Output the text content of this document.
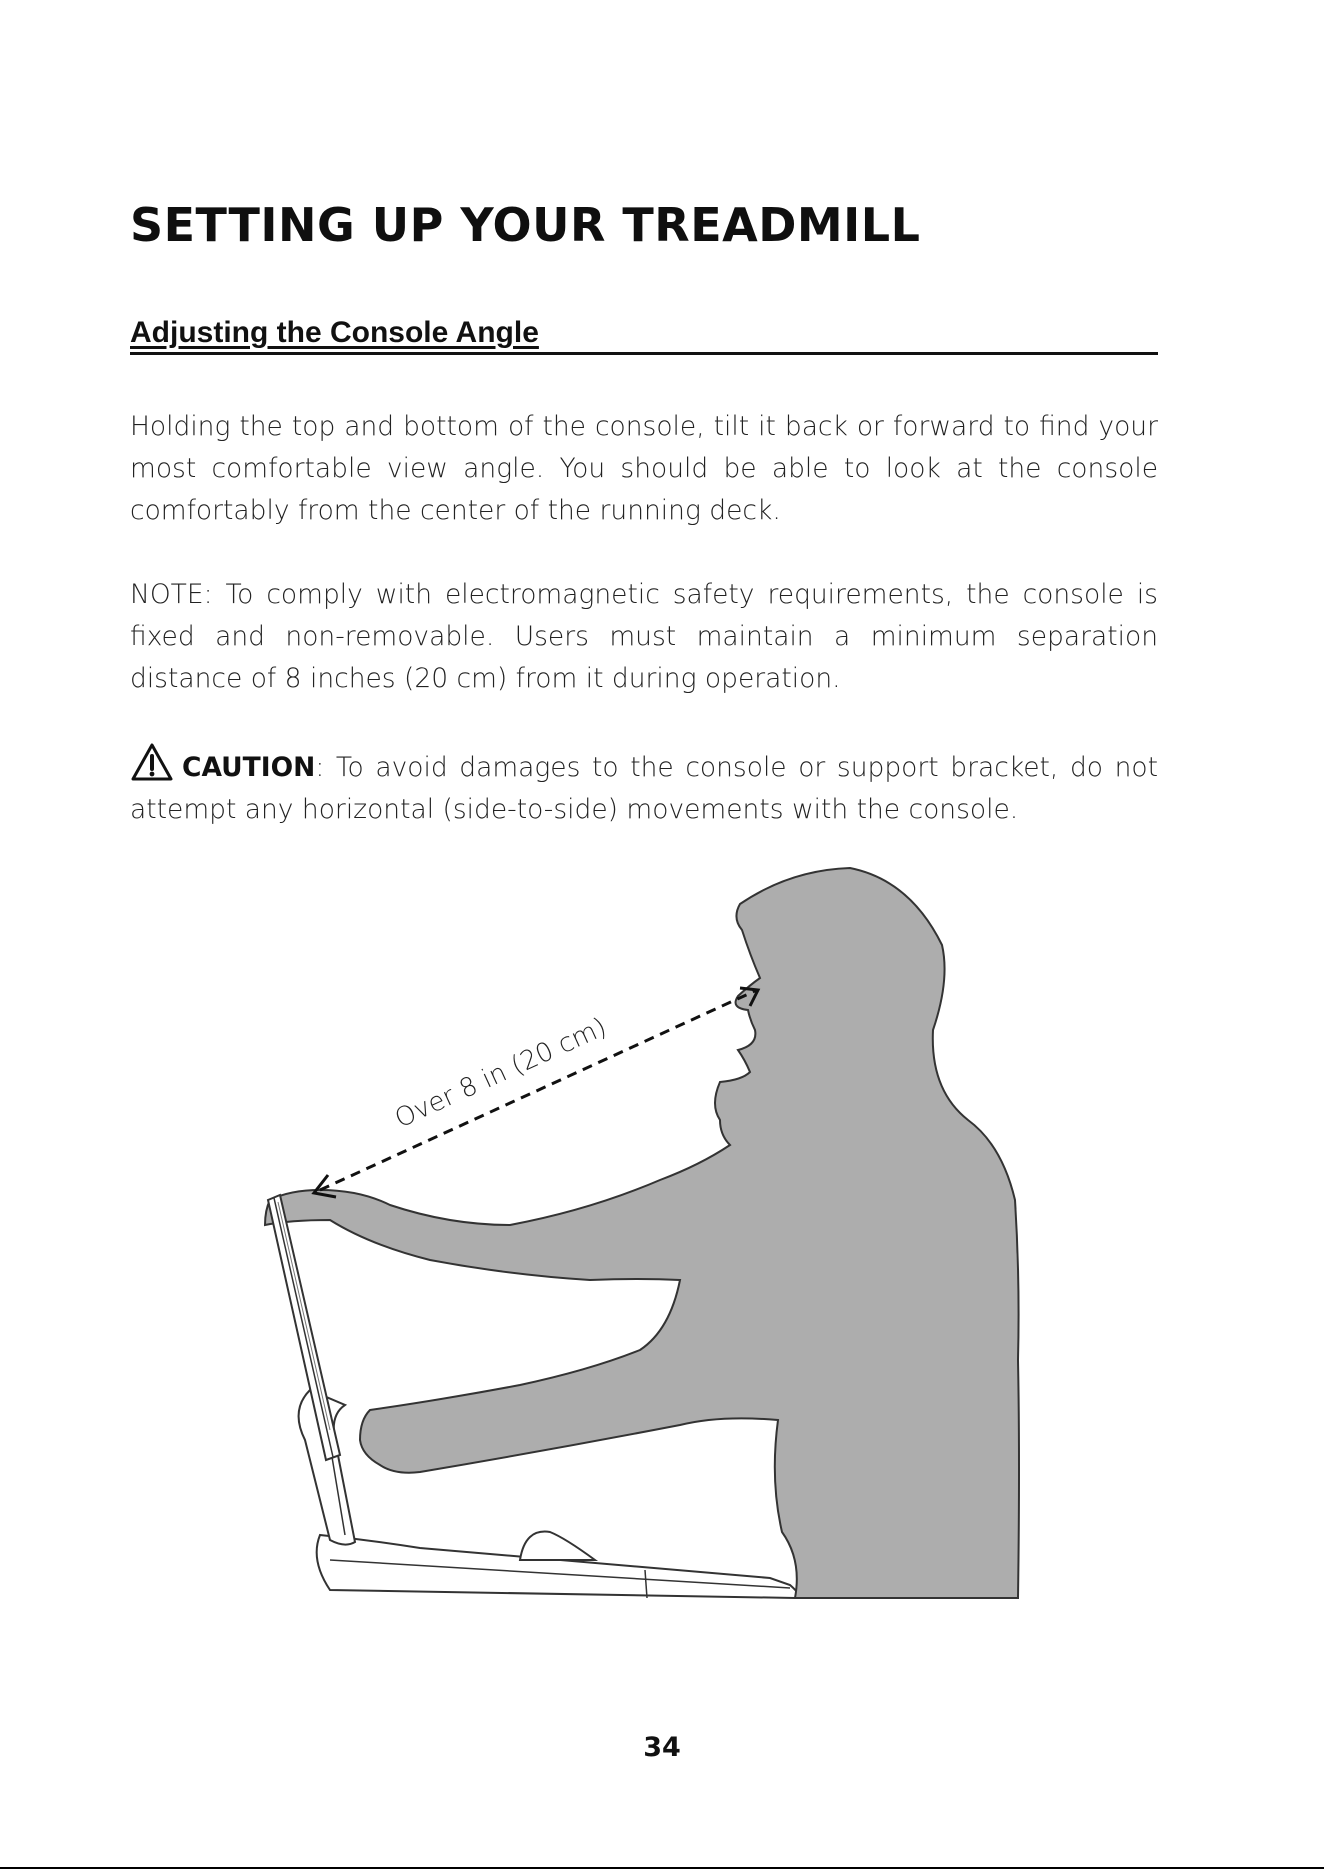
SETTING UP YOUR TREADMILL
Adjusting the Console Angle

Holding the top and bottom of the console, tilt it back or forward to find your most comfortable view angle. You should be able to look at the console comfortably from the center of the running deck.

NOTE: To comply with electromagnetic safety requirements, the console is fixed and non-removable. Users must maintain a minimum separation distance of 8 inches (20 cm) from it during operation.

CAUTION: To avoid damages to the console or support bracket, do not attempt any horizontal (side-to-side) movements with the console.

Over 8 in (20 cm)
34
